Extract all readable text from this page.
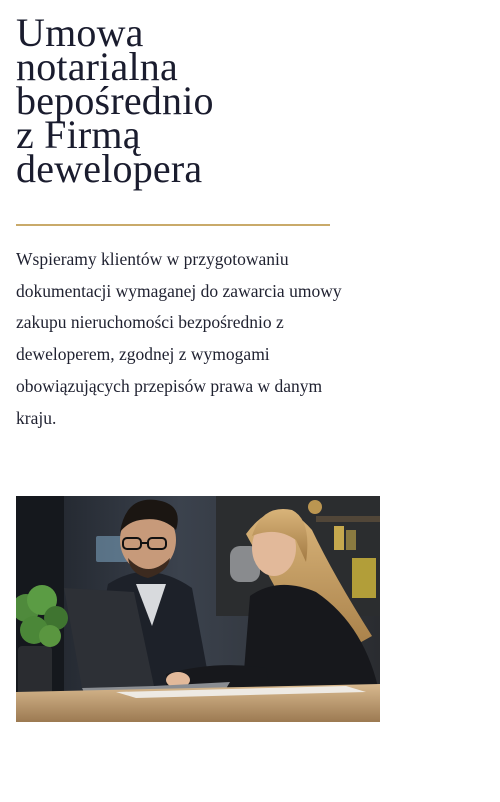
Umowa
notarialna
bepośrednio
z Firmą
dewelopera

Wspieramy klientów w przygotowaniu dokumentacji wymaganej do zawarcia umowy zakupu nieruchomości bezpośrednio z deweloperem, zgodnej z wymogami obowiązujących przepisów prawa w danym kraju.
